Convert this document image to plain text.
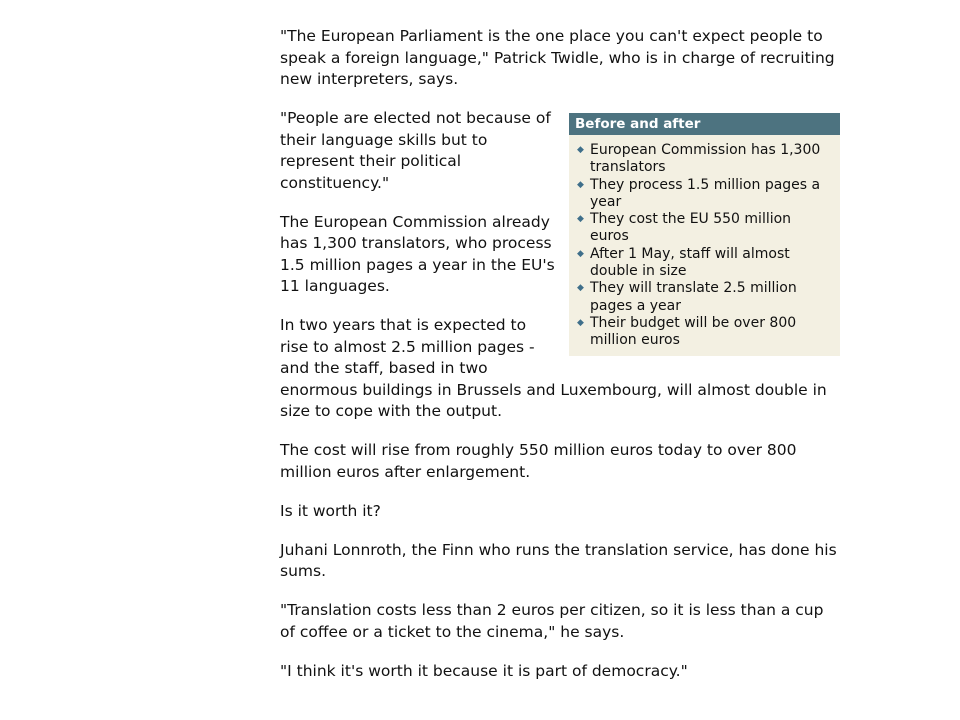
"The European Parliament is the one place you can't expect people to speak a foreign language," Patrick Twidle, who is in charge of recruiting new interpreters, says.

Before and after
◆ European Commission has 1,300 translators
◆ They process 1.5 million pages a year
◆ They cost the EU 550 million euros
◆ After 1 May, staff will almost double in size
◆ They will translate 2.5 million pages a year
◆ Their budget will be over 800 million euros

"People are elected not because of their language skills but to represent their political constituency."

The European Commission already has 1,300 translators, who process 1.5 million pages a year in the EU's 11 languages.

In two years that is expected to rise to almost 2.5 million pages - and the staff, based in two enormous buildings in Brussels and Luxembourg, will almost double in size to cope with the output.

The cost will rise from roughly 550 million euros today to over 800 million euros after enlargement.

Is it worth it?

Juhani Lonnroth, the Finn who runs the translation service, has done his sums.

"Translation costs less than 2 euros per citizen, so it is less than a cup of coffee or a ticket to the cinema," he says.

"I think it's worth it because it is part of democracy."
